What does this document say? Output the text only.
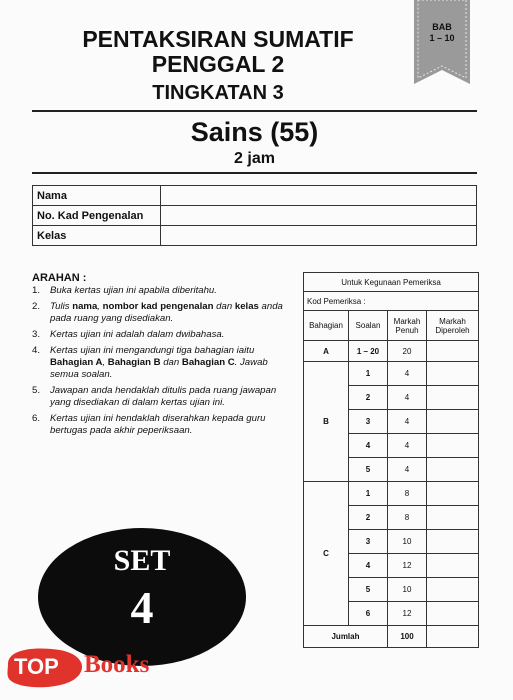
BAB
1 – 10
PENTAKSIRAN SUMATIF
PENGGAL 2
TINGKATAN 3
Sains (55)
2 jam
Nama	
No. Kad Pengenalan	
Kelas	
ARAHAN :
1.	Buka kertas ujian ini apabila diberitahu.
2.	Tulis nama, nombor kad pengenalan dan kelas anda pada ruang yang disediakan.
3.	Kertas ujian ini adalah dalam dwibahasa.
4.	Kertas ujian ini mengandungi tiga bahagian iaitu Bahagian A, Bahagian B dan Bahagian C. Jawab semua soalan.
5.	Jawapan anda hendaklah ditulis pada ruang jawapan yang disediakan di dalam kertas ujian ini.
6.	Kertas ujian ini hendaklah diserahkan kepada guru bertugas pada akhir peperiksaan.
Untuk Kegunaan Pemeriksa			
Kod Pemeriksa :			
Bahagian	Soalan	Markah Penuh	Markah Diperoleh
A	1 – 20	20	
B	1	4	
	2	4	
	3	4	
	4	4	
	5	4	
C	1	8	
	2	8	
	3	10	
	4	12	
	5	10	
	6	12	
Jumlah		100	
SET
4
TOP Books
